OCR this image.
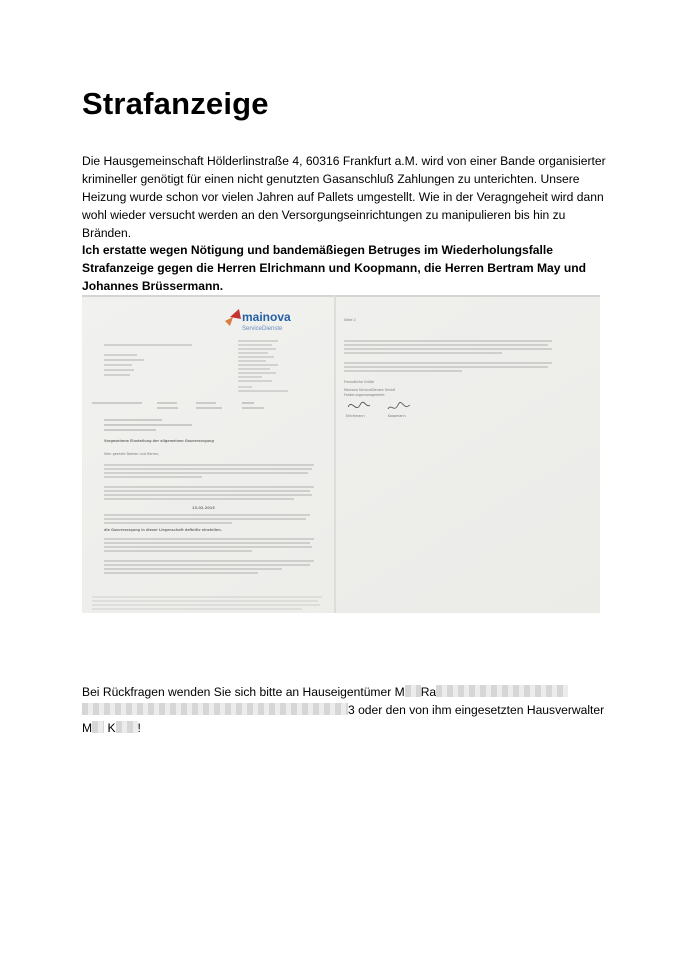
Strafanzeige

Die Hausgemeinschaft Hölderlinstraße 4, 60316 Frankfurt a.M. wird von einer Bande organisierter krimineller genötigt für einen nicht genutzten Gasanschluß Zahlungen zu unterichten. Unsere Heizung wurde schon vor vielen Jahren auf Pallets umgestellt. Wie in der Veragngeheit wird dann wohl wieder versucht werden an den Versorgungseinrichtungen zu manipulieren bis hin zu Bränden.

Ich erstatte wegen Nötigung und bandemäßiegen Betruges im Wiederholungsfalle Strafanzeige gegen die Herren Elrichmann und Koopmann, die Herren Bertram May und Johannes Brüssermann.

mainova
ServiceDienste
Vorgesehene Einstellung der allgemeinen Gasversorgung
Sehr geehrte Damen und Herren,
13.02.2015
die Gasversorgung in dieser Liegenschaft definitiv einstellen.
Seite 2
Freundliche Grüße
Mainova ServiceDienste GmbH
Forderungsmanagement
Elrichmann	Koopmann

Bei Rückfragen wenden Sie sich bitte an Hauseigentümer M Ra
3 oder den von ihm eingesetzten Hausverwalter
M K !
